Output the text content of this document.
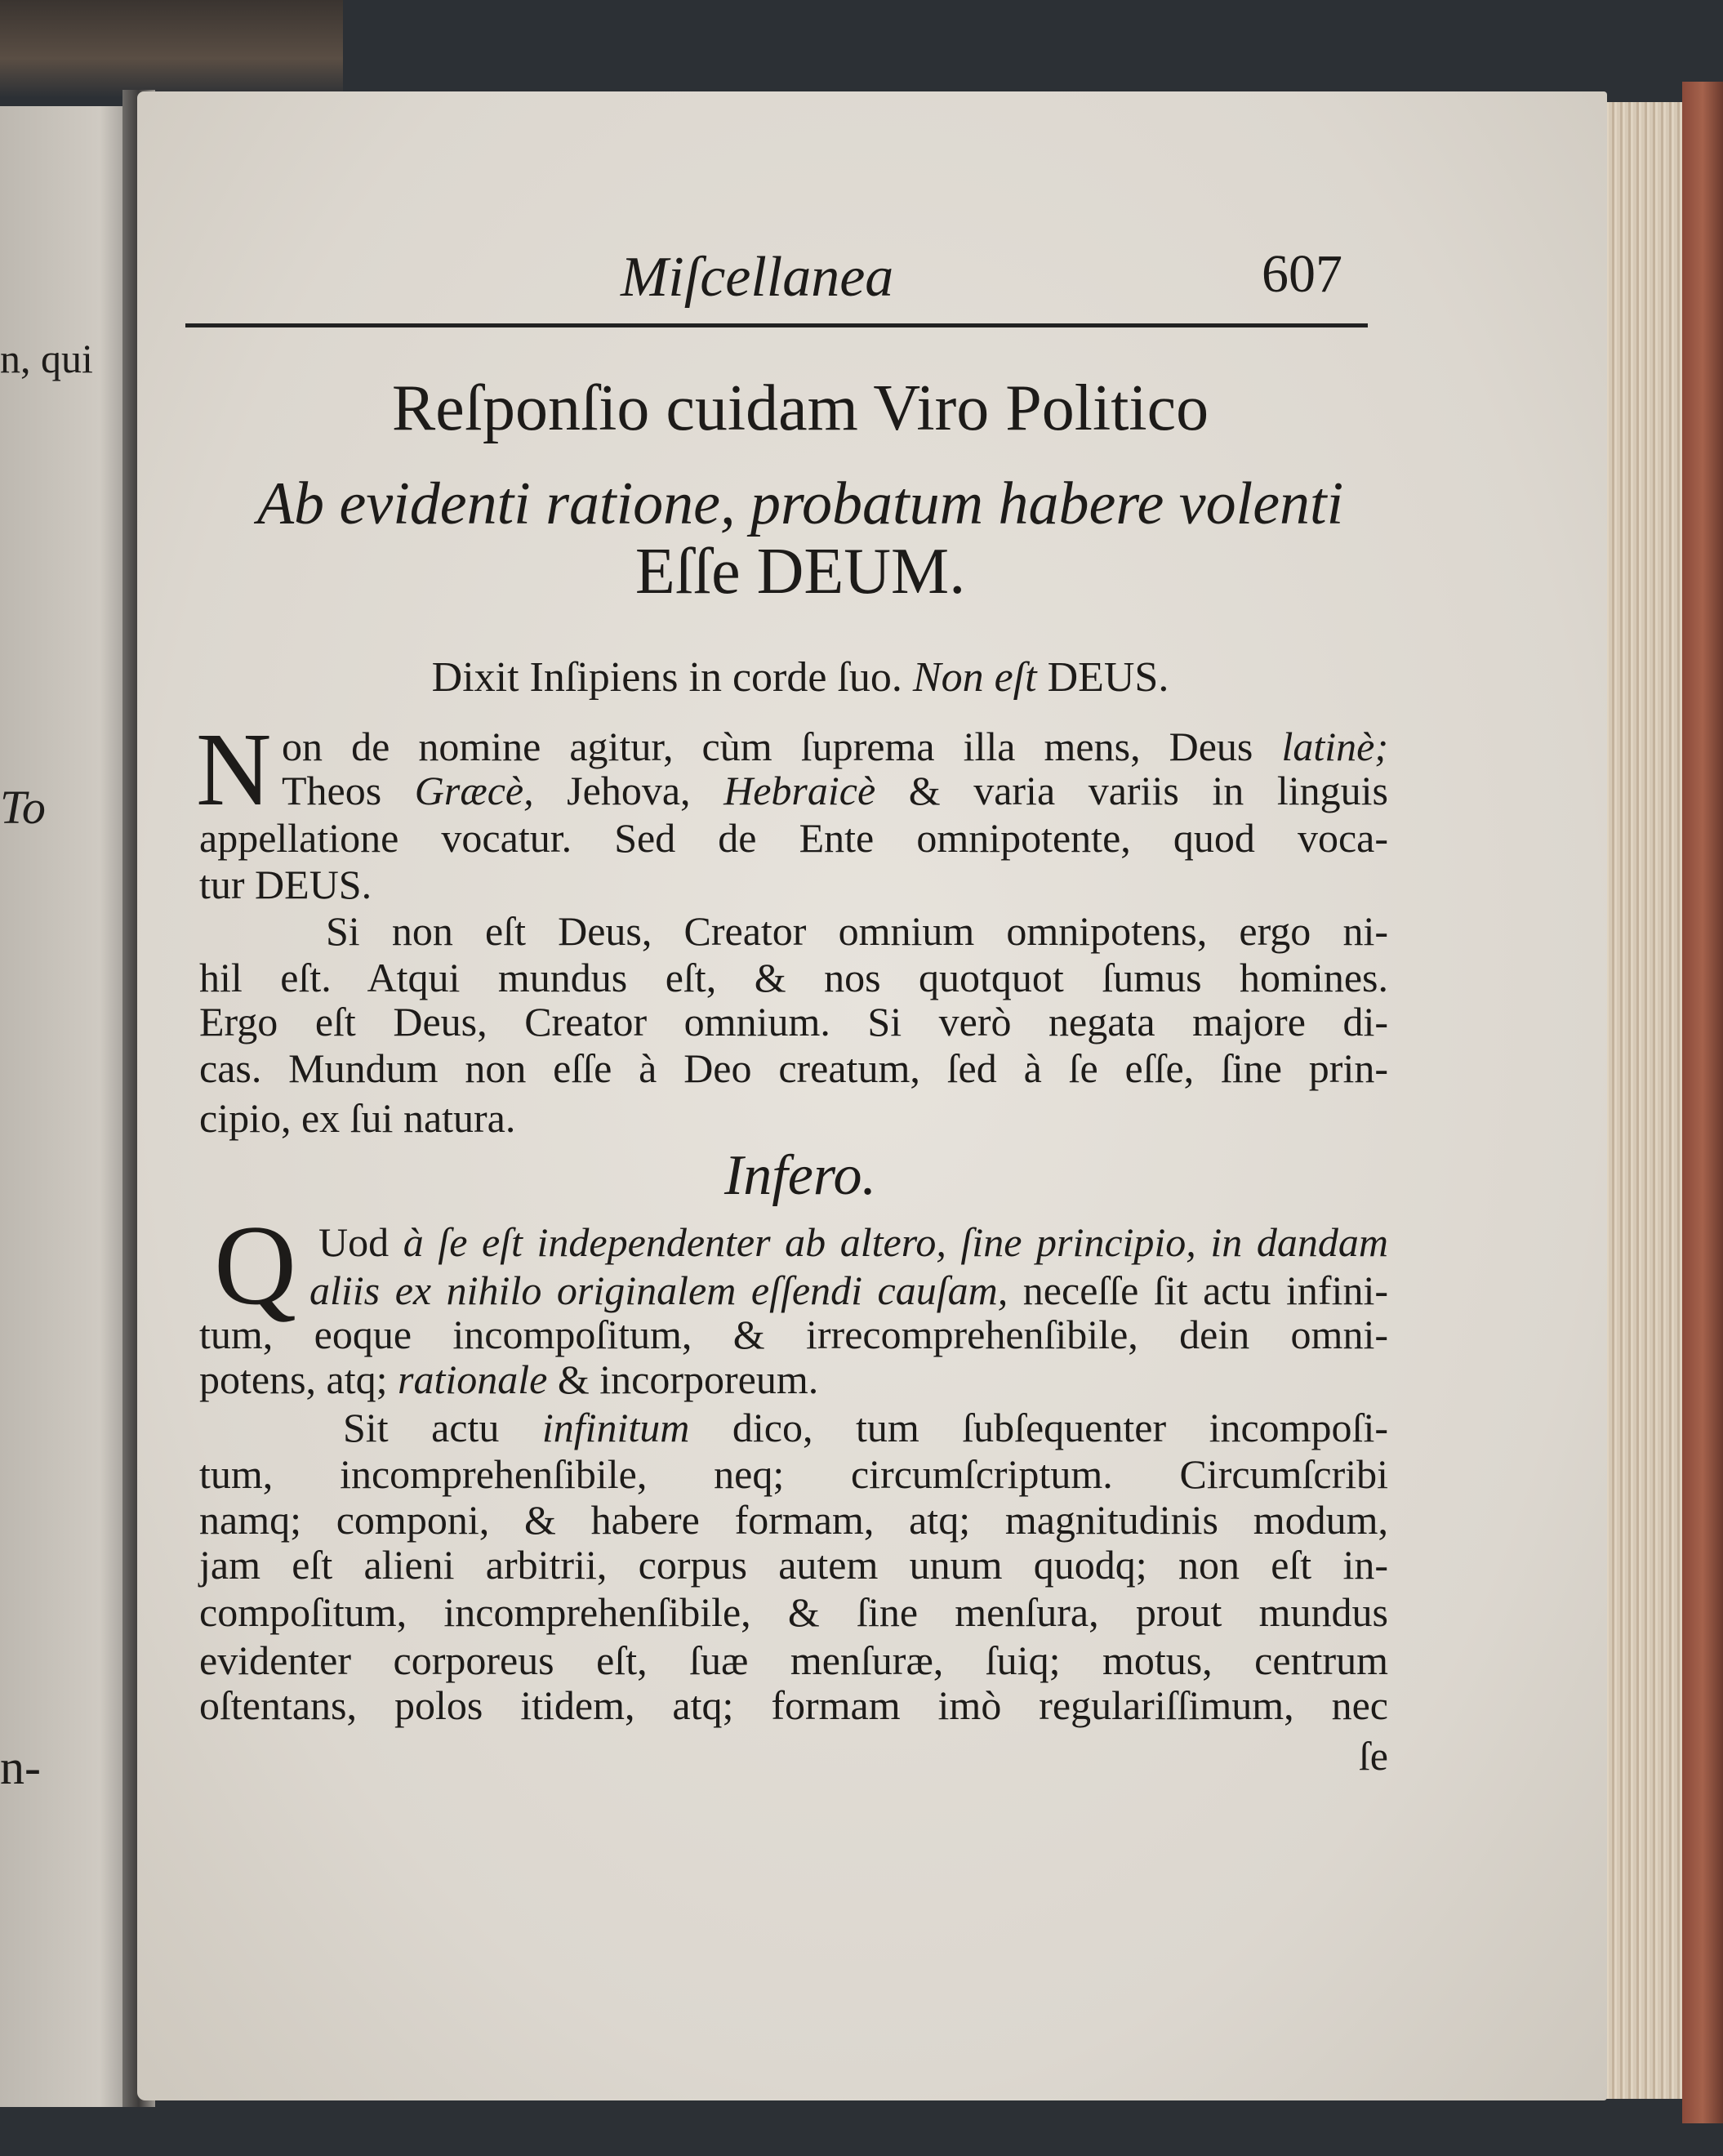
n, qui
To
n-
Miſcellanea	607
Reſponſio cuidam Viro Politico
Ab evidenti ratione, probatum habere volenti
Eſſe DEUM.
Dixit Inſipiens in corde ſuo. Non eſt DEUS.
N on de nomine agitur, cùm ſuprema illa mens, Deus latinè;
Theos Græcè, Jehova, Hebraicè & varia variis in linguis
appellatione vocatur. Sed de Ente omnipotente, quod voca-
tur DEUS.
Si non eſt Deus, Creator omnium omnipotens, ergo ni-
hil eſt. Atqui mundus eſt, & nos quotquot ſumus homines.
Ergo eſt Deus, Creator omnium. Si verò negata majore di-
cas. Mundum non eſſe à Deo creatum, ſed à ſe eſſe, ſine prin-
cipio, ex ſui natura.
Infero.
Q Uod à ſe eſt independenter ab altero, ſine principio, in dandam
aliis ex nihilo originalem eſſendi cauſam, neceſſe ſit actu infini-
tum, eoque incompoſitum, & irrecomprehenſibile, dein omni-
potens, atq; rationale & incorporeum.
Sit actu infinitum dico, tum ſubſequenter incompoſi-
tum, incomprehenſibile, neq; circumſcriptum. Circumſcribi
namq; componi, & habere formam, atq; magnitudinis modum,
jam eſt alieni arbitrii, corpus autem unum quodq; non eſt in-
compoſitum, incomprehenſibile, & ſine menſura, prout mundus
evidenter corporeus eſt, ſuæ menſuræ, ſuiq; motus, centrum
oſtentans, polos itidem, atq; formam imò regulariſſimum, nec
ſe
